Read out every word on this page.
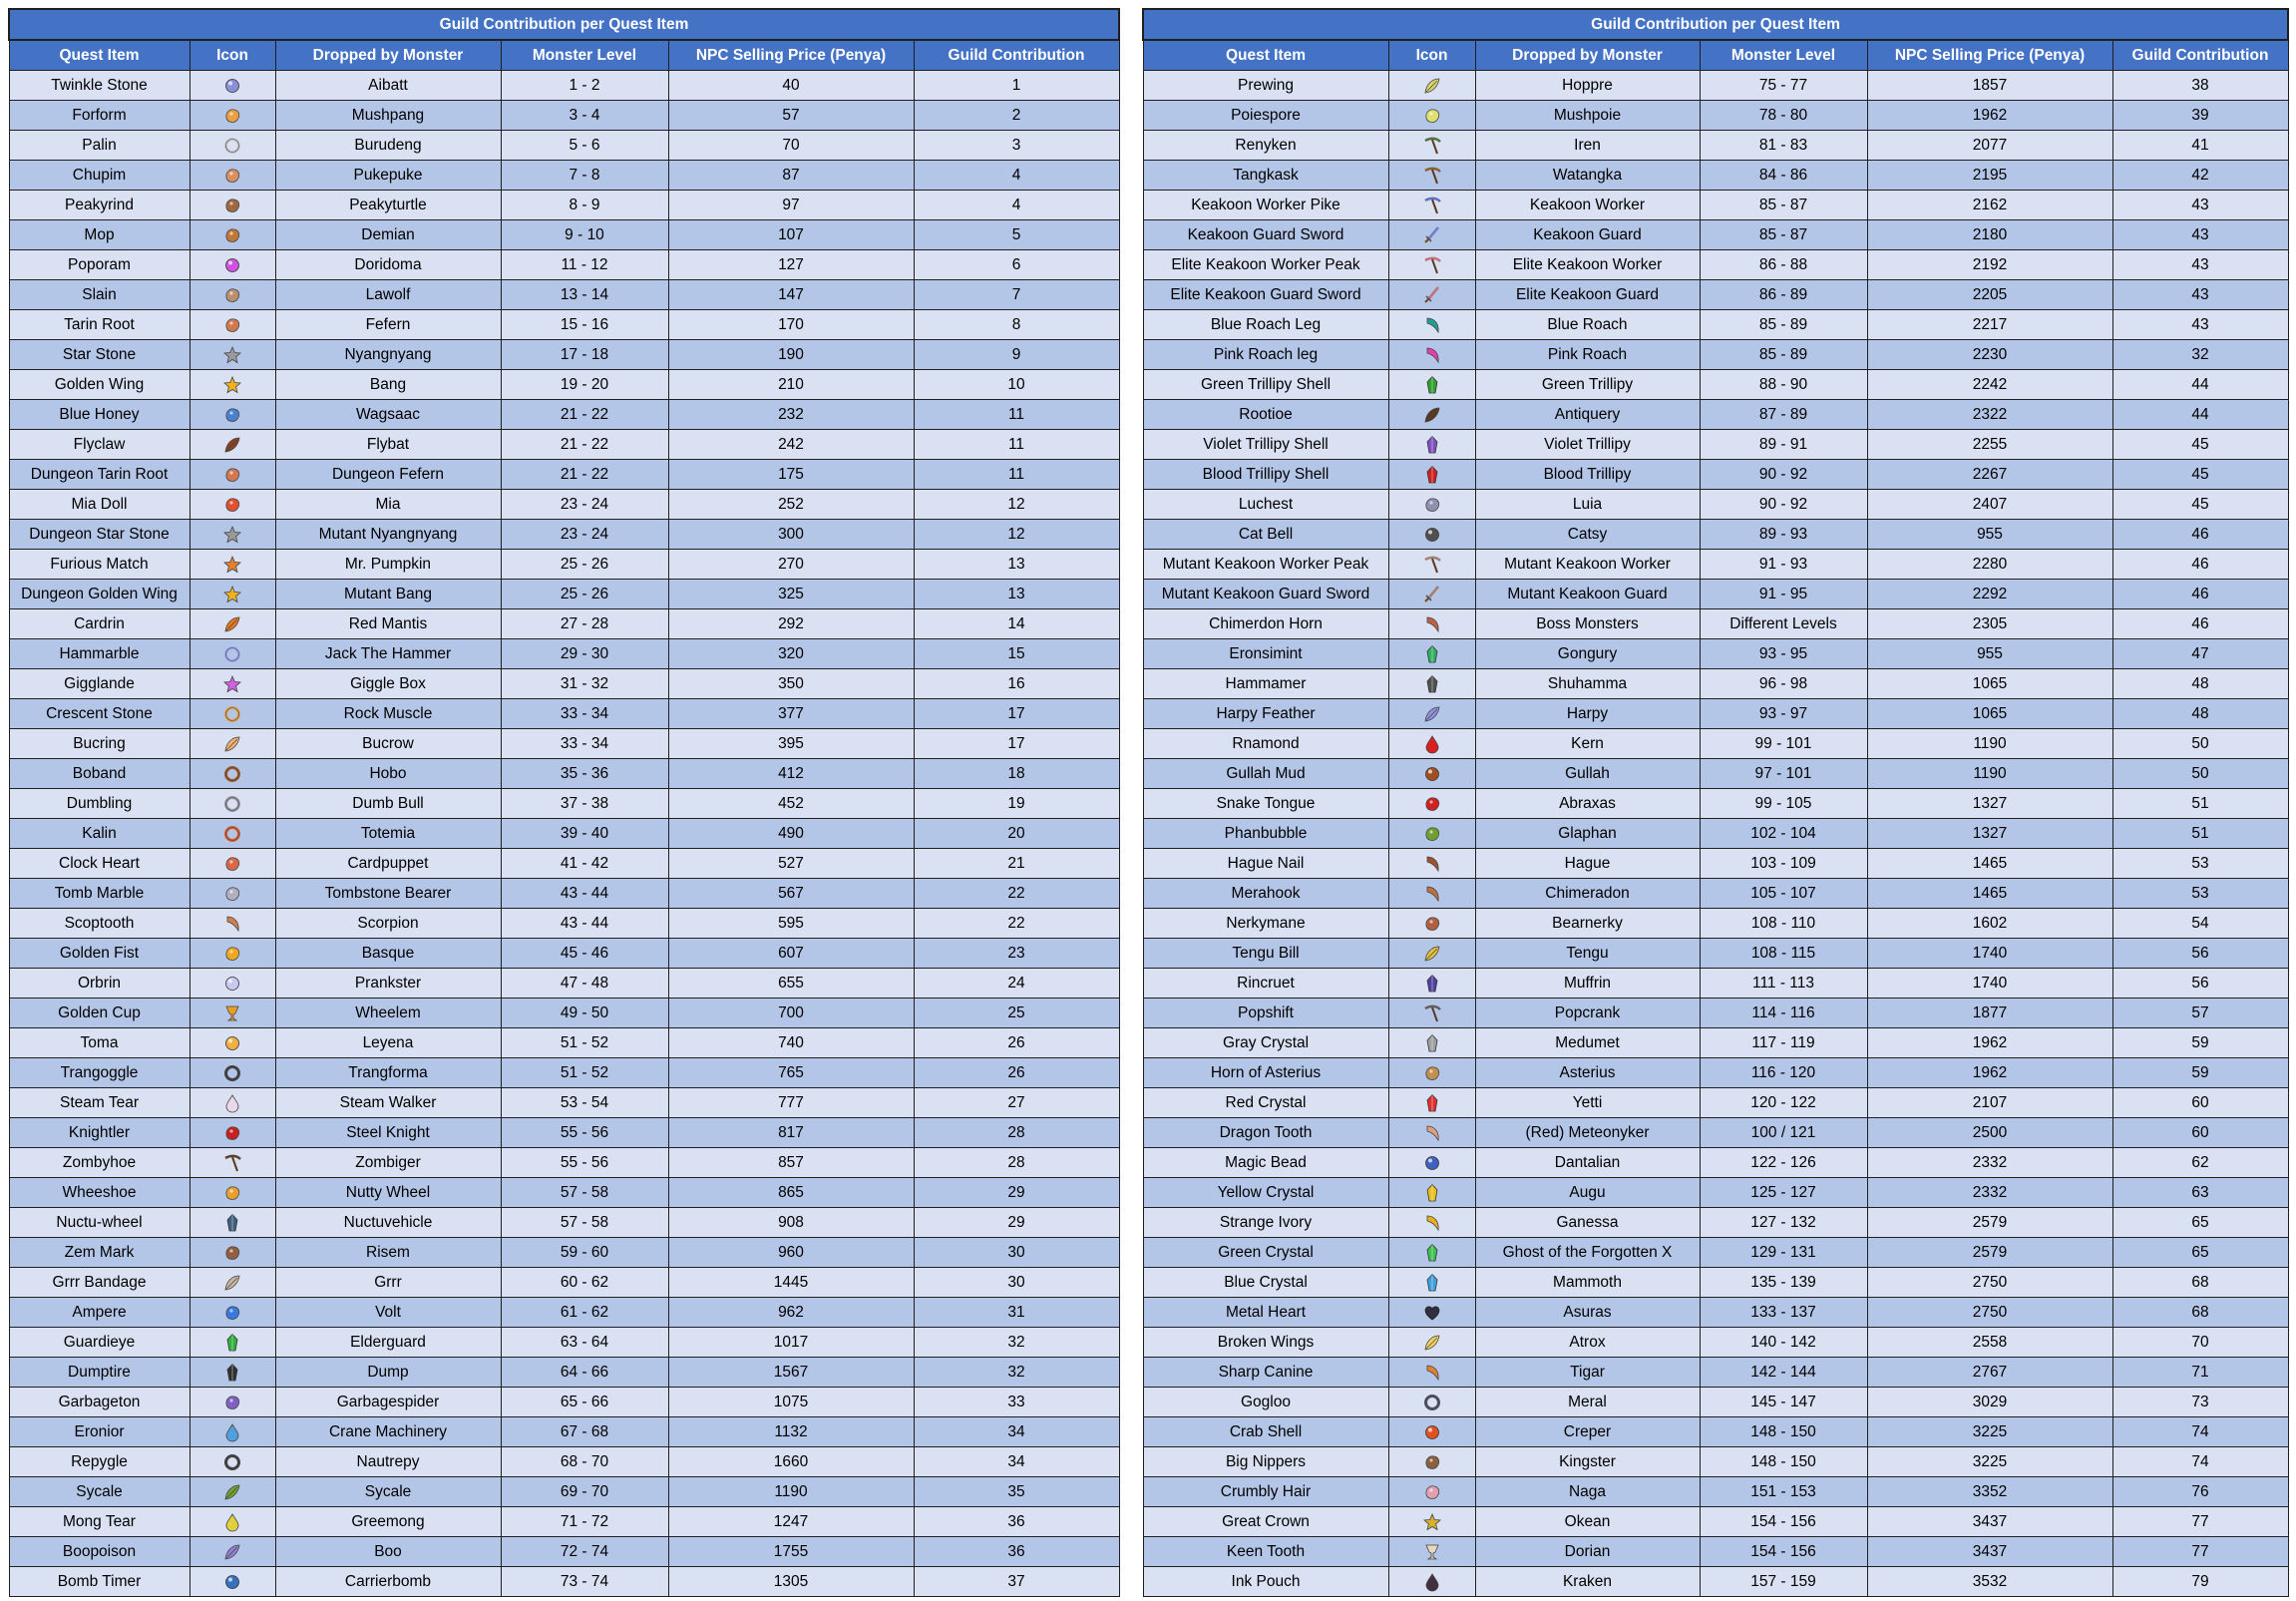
Guild Contribution per Quest Item					
Quest Item	Icon	Dropped by Monster	Monster Level	NPC Selling Price (Penya)	Guild Contribution
Twinkle Stone		Aibatt	1 - 2	40	1
Forform		Mushpang	3 - 4	57	2
Palin		Burudeng	5 - 6	70	3
Chupim		Pukepuke	7 - 8	87	4
Peakyrind		Peakyturtle	8 - 9	97	4
Mop		Demian	9 - 10	107	5
Poporam		Doridoma	11 - 12	127	6
Slain		Lawolf	13 - 14	147	7
Tarin Root		Fefern	15 - 16	170	8
Star Stone		Nyangnyang	17 - 18	190	9
Golden Wing		Bang	19 - 20	210	10
Blue Honey		Wagsaac	21 - 22	232	11
Flyclaw		Flybat	21 - 22	242	11
Dungeon Tarin Root		Dungeon Fefern	21 - 22	175	11
Mia Doll		Mia	23 - 24	252	12
Dungeon Star Stone		Mutant Nyangnyang	23 - 24	300	12
Furious Match		Mr. Pumpkin	25 - 26	270	13
Dungeon Golden Wing		Mutant Bang	25 - 26	325	13
Cardrin		Red Mantis	27 - 28	292	14
Hammarble		Jack The Hammer	29 - 30	320	15
Gigglande		Giggle Box	31 - 32	350	16
Crescent Stone		Rock Muscle	33 - 34	377	17
Bucring		Bucrow	33 - 34	395	17
Boband		Hobo	35 - 36	412	18
Dumbling		Dumb Bull	37 - 38	452	19
Kalin		Totemia	39 - 40	490	20
Clock Heart		Cardpuppet	41 - 42	527	21
Tomb Marble		Tombstone Bearer	43 - 44	567	22
Scoptooth		Scorpion	43 - 44	595	22
Golden Fist		Basque	45 - 46	607	23
Orbrin		Prankster	47 - 48	655	24
Golden Cup		Wheelem	49 - 50	700	25
Toma		Leyena	51 - 52	740	26
Trangoggle		Trangforma	51 - 52	765	26
Steam Tear		Steam Walker	53 - 54	777	27
Knightler		Steel Knight	55 - 56	817	28
Zombyhoe		Zombiger	55 - 56	857	28
Wheeshoe		Nutty Wheel	57 - 58	865	29
Nuctu-wheel		Nuctuvehicle	57 - 58	908	29
Zem Mark		Risem	59 - 60	960	30
Grrr Bandage		Grrr	60 - 62	1445	30
Ampere		Volt	61 - 62	962	31
Guardieye		Elderguard	63 - 64	1017	32
Dumptire		Dump	64 - 66	1567	32
Garbageton		Garbagespider	65 - 66	1075	33
Eronior		Crane Machinery	67 - 68	1132	34
Repygle		Nautrepy	68 - 70	1660	34
Sycale		Sycale	69 - 70	1190	35
Mong Tear		Greemong	71 - 72	1247	36
Boopoison		Boo	72 - 74	1755	36
Bomb Timer		Carrierbomb	73 - 74	1305	37
Guild Contribution per Quest Item					
Quest Item	Icon	Dropped by Monster	Monster Level	NPC Selling Price (Penya)	Guild Contribution
Prewing		Hoppre	75 - 77	1857	38
Poiespore		Mushpoie	78 - 80	1962	39
Renyken		Iren	81 - 83	2077	41
Tangkask		Watangka	84 - 86	2195	42
Keakoon Worker Pike		Keakoon Worker	85 - 87	2162	43
Keakoon Guard Sword		Keakoon Guard	85 - 87	2180	43
Elite Keakoon Worker Peak		Elite Keakoon Worker	86 - 88	2192	43
Elite Keakoon Guard Sword		Elite Keakoon Guard	86 - 89	2205	43
Blue Roach Leg		Blue Roach	85 - 89	2217	43
Pink Roach leg		Pink Roach	85 - 89	2230	32
Green Trillipy Shell		Green Trillipy	88 - 90	2242	44
Rootioe		Antiquery	87 - 89	2322	44
Violet Trillipy Shell		Violet Trillipy	89 - 91	2255	45
Blood Trillipy Shell		Blood Trillipy	90 - 92	2267	45
Luchest		Luia	90 - 92	2407	45
Cat Bell		Catsy	89 - 93	955	46
Mutant Keakoon Worker Peak		Mutant Keakoon Worker	91 - 93	2280	46
Mutant Keakoon Guard Sword		Mutant Keakoon Guard	91 - 95	2292	46
Chimerdon Horn		Boss Monsters	Different Levels	2305	46
Eronsimint		Gongury	93 - 95	955	47
Hammamer		Shuhamma	96 - 98	1065	48
Harpy Feather		Harpy	93 - 97	1065	48
Rnamond		Kern	99 - 101	1190	50
Gullah Mud		Gullah	97 - 101	1190	50
Snake Tongue		Abraxas	99 - 105	1327	51
Phanbubble		Glaphan	102 - 104	1327	51
Hague Nail		Hague	103 - 109	1465	53
Merahook		Chimeradon	105 - 107	1465	53
Nerkymane		Bearnerky	108 - 110	1602	54
Tengu Bill		Tengu	108 - 115	1740	56
Rincruet		Muffrin	111 - 113	1740	56
Popshift		Popcrank	114 - 116	1877	57
Gray Crystal		Medumet	117 - 119	1962	59
Horn of Asterius		Asterius	116 - 120	1962	59
Red Crystal		Yetti	120 - 122	2107	60
Dragon Tooth		(Red) Meteonyker	100 / 121	2500	60
Magic Bead		Dantalian	122 - 126	2332	62
Yellow Crystal		Augu	125 - 127	2332	63
Strange Ivory		Ganessa	127 - 132	2579	65
Green Crystal		Ghost of the Forgotten X	129 - 131	2579	65
Blue Crystal		Mammoth	135 - 139	2750	68
Metal Heart		Asuras	133 - 137	2750	68
Broken Wings		Atrox	140 - 142	2558	70
Sharp Canine		Tigar	142 - 144	2767	71
Gogloo		Meral	145 - 147	3029	73
Crab Shell		Creper	148 - 150	3225	74
Big Nippers		Kingster	148 - 150	3225	74
Crumbly Hair		Naga	151 - 153	3352	76
Great Crown		Okean	154 - 156	3437	77
Keen Tooth		Dorian	154 - 156	3437	77
Ink Pouch		Kraken	157 - 159	3532	79
